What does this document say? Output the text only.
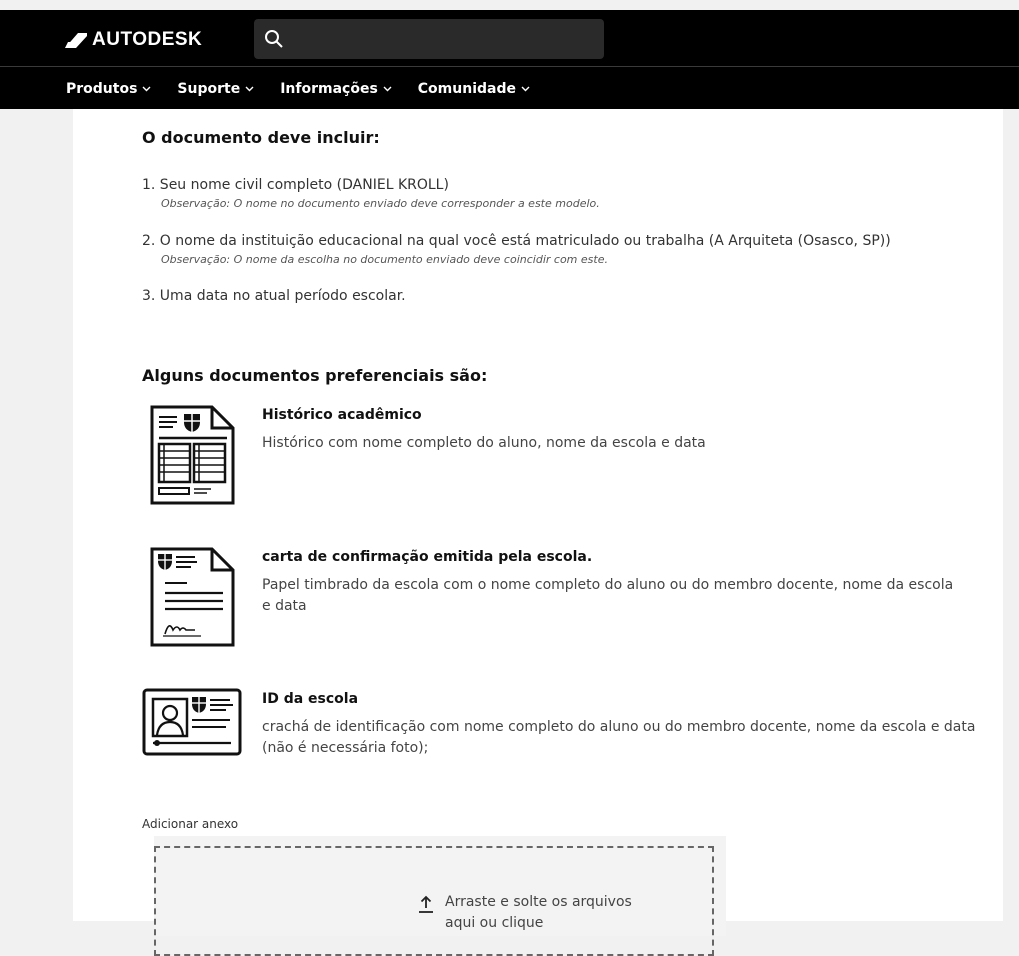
AUTODESK
Produtos	Suporte	Informações	Comunidade
O documento deve incluir:
1. Seu nome civil completo (DANIEL KROLL)
Observação: O nome no documento enviado deve corresponder a este modelo.
2. O nome da instituição educacional na qual você está matriculado ou trabalha (A Arquiteta (Osasco, SP))
Observação: O nome da escolha no documento enviado deve coincidir com este.
3. Uma data no atual período escolar.
Alguns documentos preferenciais são:
Histórico acadêmico
Histórico com nome completo do aluno, nome da escola e data
carta de confirmação emitida pela escola.
Papel timbrado da escola com o nome completo do aluno ou do membro docente, nome da escola e data
ID da escola
crachá de identificação com nome completo do aluno ou do membro docente, nome da escola e data (não é necessária foto);
Adicionar anexo
Arraste e solte os arquivos aqui ou clique
